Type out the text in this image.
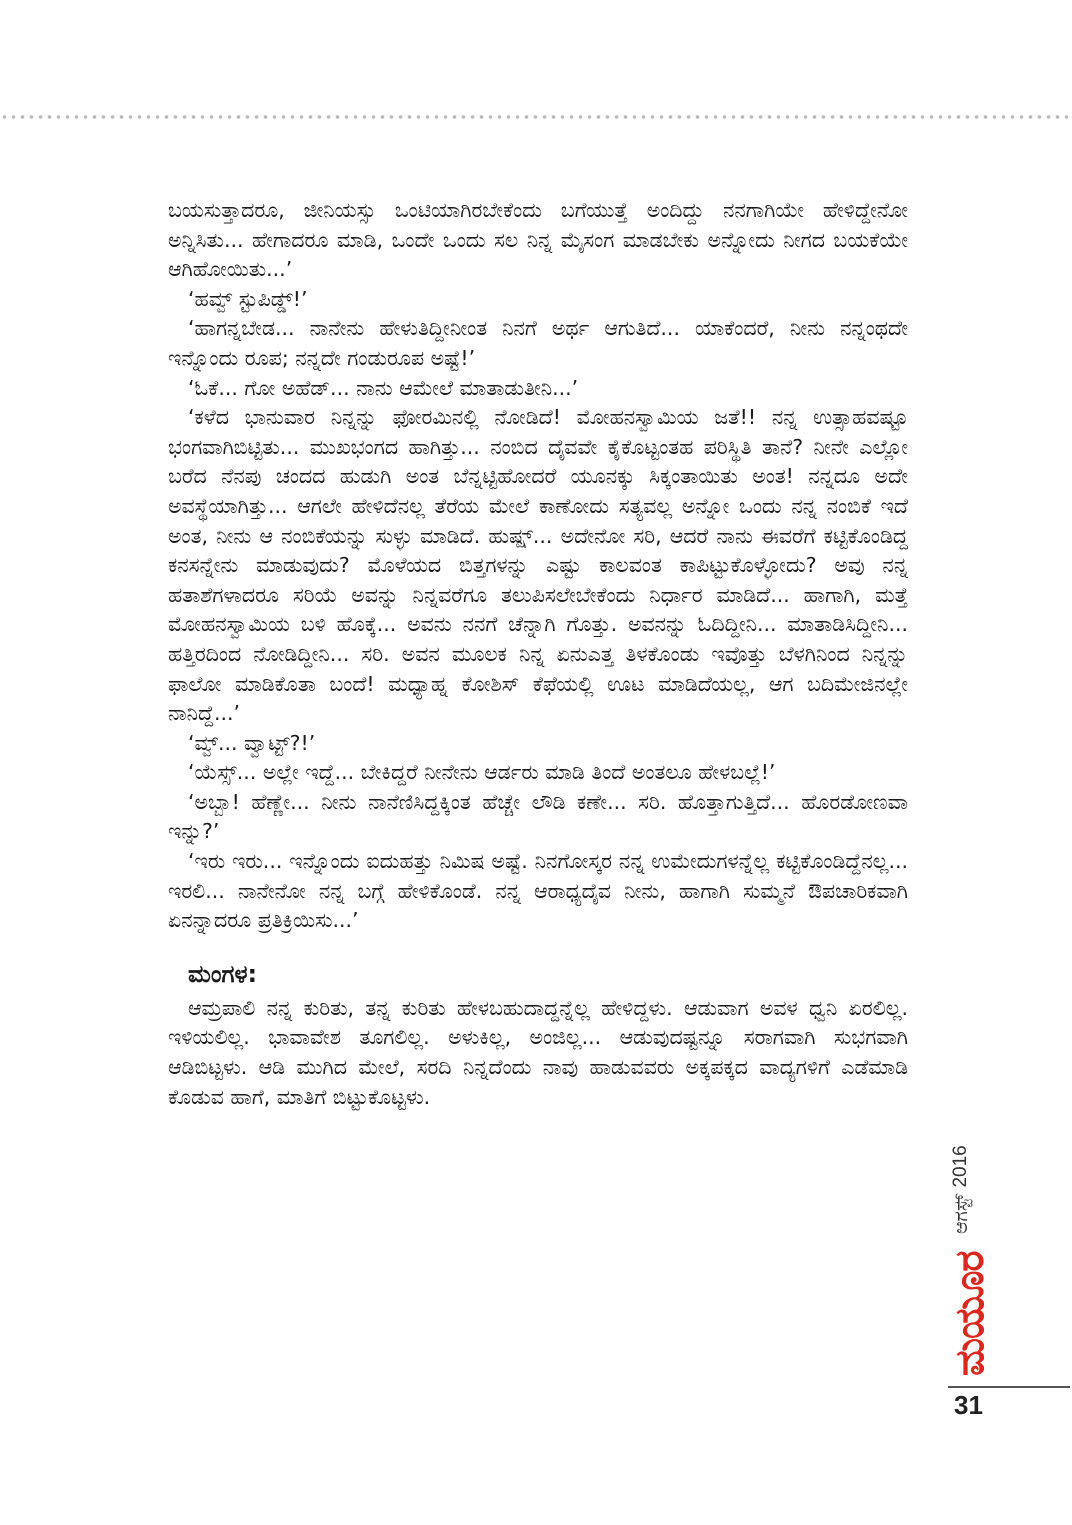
ಬಯಸುತ್ತಾದರೂ, ಜೀನಿಯಸ್ಸು ಒಂಟಿಯಾಗಿರಬೇಕೆಂದು ಬಗೆಯುತ್ತೆ ಅಂದಿದ್ದು ನನಗಾಗಿಯೇ ಹೇಳಿದ್ದೇನೋ ಅನ್ನಿಸಿತು... ಹೇಗಾದರೂ ಮಾಡಿ, ಒಂದೇ ಒಂದು ಸಲ ನಿನ್ನ ಮೈಸಂಗ ಮಾಡಬೇಕು ಅನ್ನೋದು ನೀಗದ ಬಯಕೆಯೇ ಆಗಿಹೋಯಿತು...’

‘ಹವ್ವ್ ಸ್ಟುಪಿಡ್ಡ್!’

‘ಹಾಗನ್ನಬೇಡ... ನಾನೇನು ಹೇಳುತಿದ್ದೀನೀಂತ ನಿನಗೆ ಅರ್ಥ ಆಗುತಿದೆ... ಯಾಕೆಂದರೆ, ನೀನು ನನ್ನಂಥದೇ ಇನ್ನೊಂದು ರೂಪ; ನನ್ನದೇ ಗಂಡುರೂಪ ಅಷ್ಟೆ!’

‘ಓಕೆ... ಗೋ ಅಹೆಡ್... ನಾನು ಆಮೇಲೆ ಮಾತಾಡುತೀನಿ...’

‘ಕಳೆದ ಭಾನುವಾರ ನಿನ್ನನ್ನು ಫೋರಮಿನಲ್ಲಿ ನೋಡಿದೆ! ಮೋಹನಸ್ವಾಮಿಯ ಜತೆ!! ನನ್ನ ಉತ್ಸಾಹವಷ್ಟೂ ಭಂಗವಾಗಿಬಿಟ್ಟಿತು... ಮುಖಭಂಗದ ಹಾಗಿತ್ತು... ನಂಬಿದ ದೈವವೇ ಕೈಕೊಟ್ಟಂತಹ ಪರಿಸ್ಥಿತಿ ತಾನೆ? ನೀನೇ ಎಲ್ಲೋ ಬರೆದ ನೆನಪು ಚಂದದ ಹುಡುಗಿ ಅಂತ ಬೆನ್ನಟ್ಟಿಹೋದರೆ ಯೂನಕ್ಕು ಸಿಕ್ಕಂತಾಯಿತು ಅಂತ! ನನ್ನದೂ ಅದೇ ಅವಸ್ಥೆಯಾಗಿತ್ತು... ಆಗಲೇ ಹೇಳಿದೆನಲ್ಲ ತೆರೆಯ ಮೇಲೆ ಕಾಣೋದು ಸತ್ಯವಲ್ಲ ಅನ್ನೋ ಒಂದು ನನ್ನ ನಂಬಿಕೆ ಇದೆ ಅಂತ, ನೀನು ಆ ನಂಬಿಕೆಯನ್ನು ಸುಳ್ಳು ಮಾಡಿದೆ. ಹುಷ್ಷ್... ಅದೇನೋ ಸರಿ, ಆದರೆ ನಾನು ಈವರೆಗೆ ಕಟ್ಟಿಕೊಂಡಿದ್ದ ಕನಸನ್ನೇನು ಮಾಡುವುದು? ಮೊಳೆಯದ ಬಿತ್ತಗಳನ್ನು ಎಷ್ಟು ಕಾಲವಂತ ಕಾಪಿಟ್ಟುಕೊಳ್ಳೋದು? ಅವು ನನ್ನ ಹತಾಶೆಗಳಾದರೂ ಸರಿಯೆ ಅವನ್ನು ನಿನ್ನವರೆಗೂ ತಲುಪಿಸಲೇಬೇಕೆಂದು ನಿರ್ಧಾರ ಮಾಡಿದೆ... ಹಾಗಾಗಿ, ಮತ್ತೆ ಮೋಹನಸ್ವಾಮಿಯ ಬಳಿ ಹೊಕ್ಕೆ... ಅವನು ನನಗೆ ಚೆನ್ನಾಗಿ ಗೊತ್ತು. ಅವನನ್ನು ಓದಿದ್ದೀನಿ... ಮಾತಾಡಿಸಿದ್ದೀನಿ... ಹತ್ತಿರದಿಂದ ನೋಡಿದ್ದೀನಿ... ಸರಿ. ಅವನ ಮೂಲಕ ನಿನ್ನ ಏನುಎತ್ತ ತಿಳಕೊಂಡು ಇವೊತ್ತು ಬೆಳಗಿನಿಂದ ನಿನ್ನನ್ನು ಫಾಲೋ ಮಾಡಿಕೊತಾ ಬಂದೆ! ಮಧ್ಯಾಹ್ನ ಕೋಶಿಸ್ ಕೆಫೆಯಲ್ಲಿ ಊಟ ಮಾಡಿದೆಯಲ್ಲ, ಆಗ ಬದಿಮೇಜಿನಲ್ಲೇ ನಾನಿದ್ದೆ...’

‘ವ್ವ್... ವ್ವಾಟ್ಟ್?!’

‘ಯೆಸ್ಸ್... ಅಲ್ಲೇ ಇದ್ದೆ... ಬೇಕಿದ್ದರೆ ನೀನೇನು ಆರ್ಡರು ಮಾಡಿ ತಿಂದೆ ಅಂತಲೂ ಹೇಳಬಲ್ಲೆ!’

‘ಅಬ್ಬಾ! ಹೆಣ್ಣೇ... ನೀನು ನಾನೆಣಿಸಿದ್ದಕ್ಕಿಂತ ಹೆಚ್ಚೇ ಲೌಡಿ ಕಣೇ... ಸರಿ. ಹೊತ್ತಾಗುತ್ತಿದೆ... ಹೊರಡೋಣವಾ ಇನ್ನು?’

‘ಇರು ಇರು... ಇನ್ನೊಂದು ಐದುಹತ್ತು ನಿಮಿಷ ಅಷ್ಟೆ. ನಿನಗೋಸ್ಕರ ನನ್ನ ಉಮೇದುಗಳನ್ನೆಲ್ಲ ಕಟ್ಟಿಕೊಂಡಿದ್ದೆನಲ್ಲ... ಇರಲಿ... ನಾನೇನೋ ನನ್ನ ಬಗ್ಗೆ ಹೇಳಿಕೊಂಡೆ. ನನ್ನ ಆರಾಧ್ಯದೈವ ನೀನು, ಹಾಗಾಗಿ ಸುಮ್ಮನೆ ಔಪಚಾರಿಕವಾಗಿ ಏನನ್ನಾದರೂ ಪ್ರತಿಕ್ರಿಯಿಸು...’

ಮಂಗಳ:

ಆಮ್ರಪಾಲಿ ನನ್ನ ಕುರಿತು, ತನ್ನ ಕುರಿತು ಹೇಳಬಹುದಾದ್ದನ್ನೆಲ್ಲ ಹೇಳಿದ್ದಳು. ಆಡುವಾಗ ಅವಳ ಧ್ವನಿ ಏರಲಿಲ್ಲ. ಇಳಿಯಲಿಲ್ಲ. ಭಾವಾವೇಶ ತೂಗಲಿಲ್ಲ. ಅಳುಕಿಲ್ಲ, ಅಂಜಿಲ್ಲ... ಆಡುವುದಷ್ಟನ್ನೂ ಸರಾಗವಾಗಿ ಸುಭಗವಾಗಿ ಆಡಿಬಿಟ್ಟಳು. ಆಡಿ ಮುಗಿದ ಮೇಲೆ, ಸರದಿ ನಿನ್ನದೆಂದು ನಾವು ಹಾಡುವವರು ಅಕ್ಕಪಕ್ಕದ ವಾದ್ಯಗಳಿಗೆ ಎಡೆಮಾಡಿ ಕೊಡುವ ಹಾಗೆ, ಮಾತಿಗೆ ಬಿಟ್ಟುಕೊಟ್ಟಳು.

ಆಗಸ್ಟ್ 2016
ಮಯೂರ
31
